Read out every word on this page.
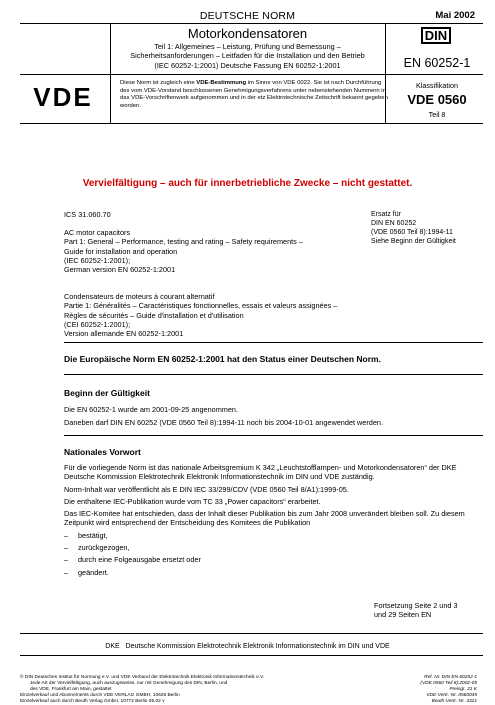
DEUTSCHE NORM	Mai 2002
Motorkondensatoren
Teil 1: Allgemeines – Leistung, Prüfung und Bemessung –
Sicherheitsanforderungen – Leitfaden für die Installation und den Betrieb
(IEC 60252-1:2001) Deutsche Fassung EN 60252-1:2001
DIN
EN 60252-1
VDE	Diese Norm ist zugleich eine VDE-Bestimmung im Sinne von VDE 0022. Sie ist nach Durchführung des vom VDE-Vorstand beschlossenen Genehmigungsverfahrens unter nebenstehenden Nummern in das VDE-Vorschriftenwerk aufgenommen und in der etz Elektrotechnische Zeitschrift bekannt gegeben worden.
Klassifikation
VDE 0560
Teil 8
Vervielfältigung – auch für innerbetriebliche Zwecke – nicht gestattet.
ICS 31.060.70	Ersatz für
DIN EN 60252
(VDE 0560 Teil 8):1994-11
Siehe Beginn der Gültigkeit
AC motor capacitors
Part 1: General – Performance, testing and rating – Safety requirements –
Guide for installation and operation
(IEC 60252-1:2001);
German version EN 60252-1:2001
Condensateurs de moteurs à courant alternatif
Partie 1: Généralités – Caractéristiques fonctionnelles, essais et valeurs assignées –
Règles de sécurités – Guide d'installation et d'utilisation
(CEI 60252-1:2001);
Version allemande EN 60252-1:2001
Die Europäische Norm EN 60252-1:2001 hat den Status einer Deutschen Norm.
Beginn der Gültigkeit
Die EN 60252-1 wurde am 2001-09-25 angenommen.
Daneben darf DIN EN 60252 (VDE 0560 Teil 8):1994-11 noch bis 2004-10-01 angewendet werden.
Nationales Vorwort

Für die vorliegende Norm ist das nationale Arbeitsgremium K 342 „Leuchtstofflampen- und Motorkondensatoren“ der DKE Deutsche Kommission Elektrotechnik Elektronik Informationstechnik im DIN und VDE zuständig.

Norm-Inhalt war veröffentlicht als E DIN IEC 33/299/CDV (VDE 0560 Teil 8/A1):1999-05.

Die enthaltene IEC-Publikation wurde vom TC 33 „Power capacitors“ erarbeitet.

Das IEC-Komitee hat entschieden, dass der Inhalt dieser Publikation bis zum Jahr 2008 unverändert bleiben soll. Zu diesem Zeitpunkt wird entsprechend der Entscheidung des Komitees die Publikation

–	bestätigt,
–	zurückgezogen,
–	durch eine Folgeausgabe ersetzt oder
–	geändert.
Fortsetzung Seite 2 und 3
und 29 Seiten EN
DKE Deutsche Kommission Elektrotechnik Elektronik Informationstechnik im DIN und VDE
© DIN Deutsches Institut für Normung e.V. und VDE Verband der Elektrotechnik Elektronik Informationstechnik e.V.
Jede Art der Vervielfältigung, auch auszugsweise, nur mit Genehmigung des DIN, Berlin, und
des VDE, Frankfurt am Main, gestattet
Einzelverkauf und Abonnements durch VDE-VERLAG GMBH, 10625 Berlin
Einzelverkauf auch durch Beuth Verlag GmbH, 10772 Berlin 05.02 v
Ref. Nr. DIN EN 60252-1
(VDE 0560 Teil 8):2002-05
Preisgr. 21 K
VDE-Vertr.-Nr. 0560045
Beuth-Vertr.-Nr. 3321
